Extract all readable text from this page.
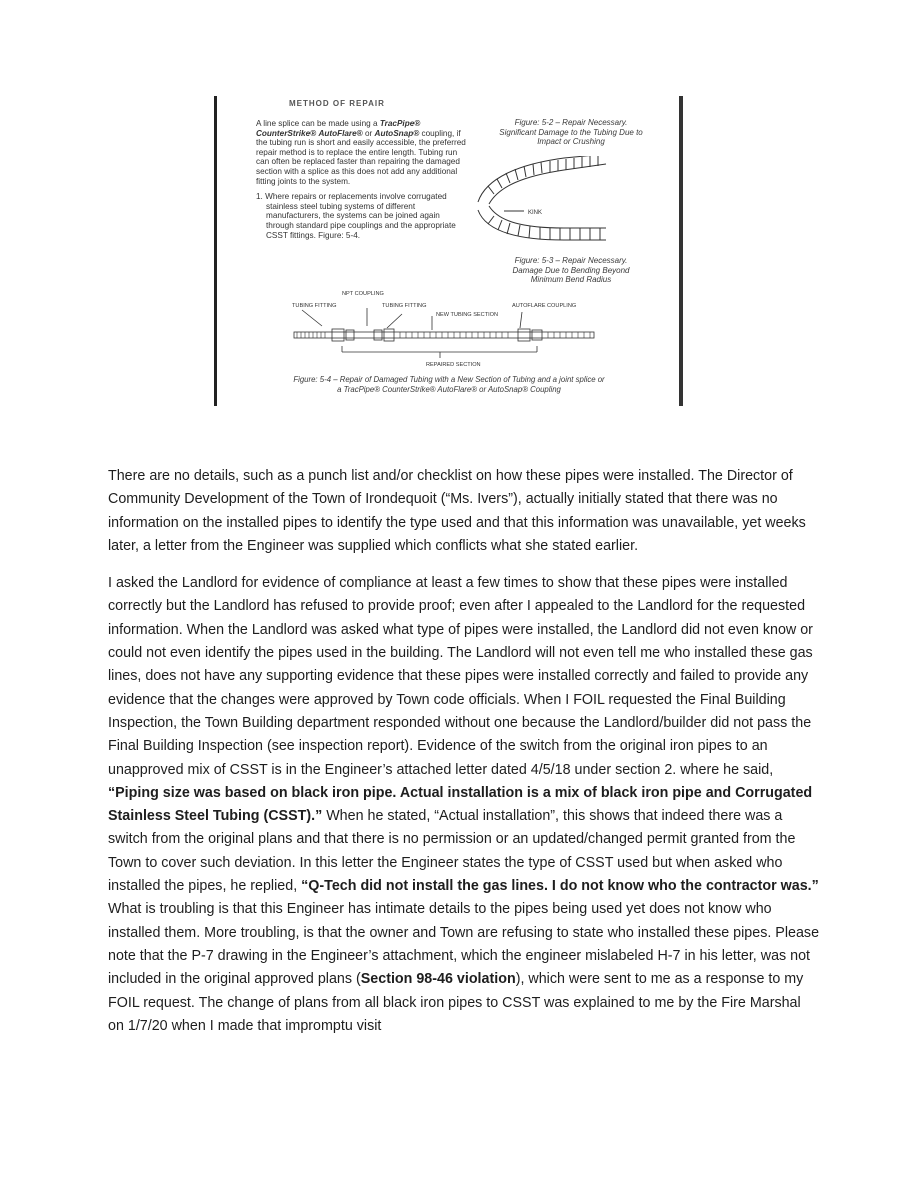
METHOD OF REPAIR

A line splice can be made using a TracPipe® CounterStrike® AutoFlare® or AutoSnap® coupling, if the tubing run is short and easily accessible, the preferred repair method is to replace the entire length. Tubing run can often be replaced faster than repairing the damaged section with a splice as this does not add any additional fitting joints to the system.

1. Where repairs or replacements involve corrugated stainless steel tubing systems of different manufacturers, the systems can be joined again through standard pipe couplings and the appropriate CSST fittings. Figure: 5-4.

Figure: 5-2 – Repair Necessary. Significant Damage to the Tubing Due to Impact or Crushing
KINK
Figure: 5-3 – Repair Necessary. Damage Due to Bending Beyond Minimum Bend Radius
NPT COUPLING
TUBING FITTING	TUBING FITTING
NEW TUBING SECTION
AUTOFLARE COUPLING
REPAIRED SECTION
Figure: 5-4 – Repair of Damaged Tubing with a New Section of Tubing and a joint splice or
a TracPipe® CounterStrike® AutoFlare® or AutoSnap® Coupling

There are no details, such as a punch list and/or checklist on how these pipes were installed. The Director of Community Development of the Town of Irondequoit (“Ms. Ivers”), actually initially stated that there was no information on the installed pipes to identify the type used and that this information was unavailable, yet weeks later, a letter from the Engineer was supplied which conflicts what she stated earlier.

I asked the Landlord for evidence of compliance at least a few times to show that these pipes were installed correctly but the Landlord has refused to provide proof; even after I appealed to the Landlord for the requested information. When the Landlord was asked what type of pipes were installed, the Landlord did not even know or could not even identify the pipes used in the building. The Landlord will not even tell me who installed these gas lines, does not have any supporting evidence that these pipes were installed correctly and failed to provide any evidence that the changes were approved by Town code officials. When I FOIL requested the Final Building Inspection, the Town Building department responded without one because the Landlord/builder did not pass the Final Building Inspection (see inspection report). Evidence of the switch from the original iron pipes to an unapproved mix of CSST is in the Engineer’s attached letter dated 4/5/18 under section 2. where he said, “Piping size was based on black iron pipe. Actual installation is a mix of black iron pipe and Corrugated Stainless Steel Tubing (CSST).” When he stated, “Actual installation”, this shows that indeed there was a switch from the original plans and that there is no permission or an updated/changed permit granted from the Town to cover such deviation. In this letter the Engineer states the type of CSST used but when asked who installed the pipes, he replied, “Q-Tech did not install the gas lines. I do not know who the contractor was.” What is troubling is that this Engineer has intimate details to the pipes being used yet does not know who installed them. More troubling, is that the owner and Town are refusing to state who installed these pipes. Please note that the P-7 drawing in the Engineer’s attachment, which the engineer mislabeled H-7 in his letter, was not included in the original approved plans (Section 98-46 violation), which were sent to me as a response to my FOIL request. The change of plans from all black iron pipes to CSST was explained to me by the Fire Marshal on 1/7/20 when I made that impromptu visit
